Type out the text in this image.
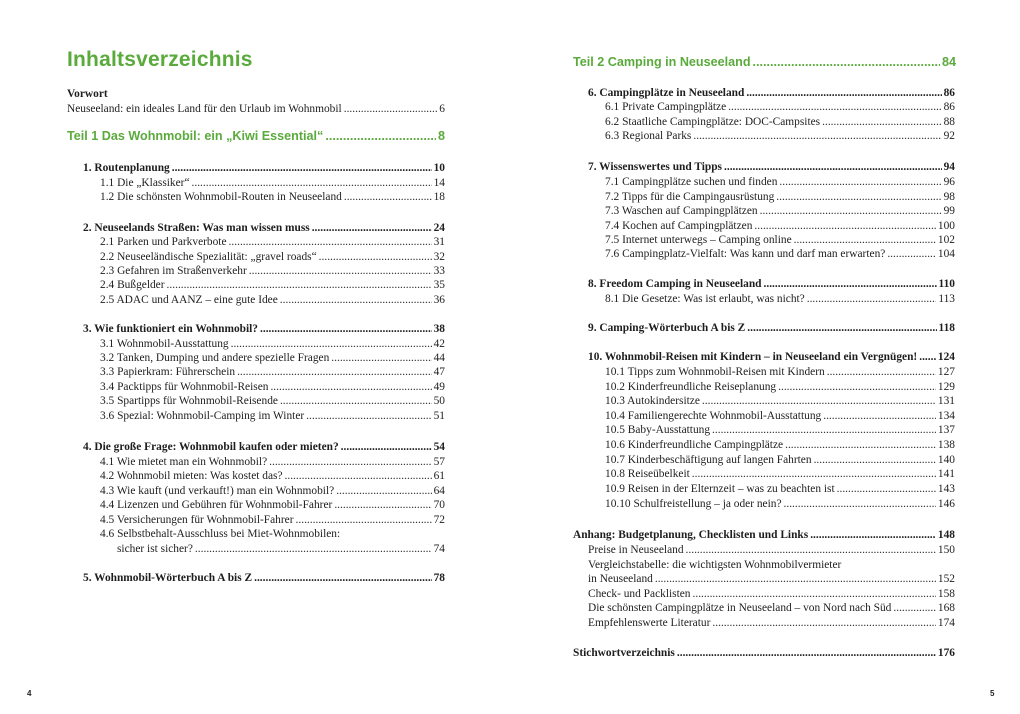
Inhaltsverzeichnis
Vorwort
Neuseeland: ein ideales Land für den Urlaub im Wohnmobil .....	6
Teil 1 Das Wohnmobil: ein „Kiwi Essential“ .....	8
1. Routenplanung .....	10
1.1 Die „Klassiker“ .....	14
1.2 Die schönsten Wohnmobil-Routen in Neuseeland .....	18
2. Neuseelands Straßen: Was man wissen muss .....	24
2.1 Parken und Parkverbote .....	31
2.2 Neuseeländische Spezialität: „gravel roads“ .....	32
2.3 Gefahren im Straßenverkehr .....	33
2.4 Bußgelder .....	35
2.5 ADAC und AANZ – eine gute Idee .....	36
3. Wie funktioniert ein Wohnmobil? .....	38
3.1 Wohnmobil-Ausstattung .....	42
3.2 Tanken, Dumping und andere spezielle Fragen .....	44
3.3 Papierkram: Führerschein .....	47
3.4 Packtipps für Wohnmobil-Reisen .....	49
3.5 Spartipps für Wohnmobil-Reisende .....	50
3.6 Spezial: Wohnmobil-Camping im Winter .....	51
4. Die große Frage: Wohnmobil kaufen oder mieten? .....	54
4.1 Wie mietet man ein Wohnmobil? .....	57
4.2 Wohnmobil mieten: Was kostet das? .....	61
4.3 Wie kauft (und verkauft!) man ein Wohnmobil? .....	64
4.4 Lizenzen und Gebühren für Wohnmobil-Fahrer .....	70
4.5 Versicherungen für Wohnmobil-Fahrer .....	72
4.6 Selbstbehalt-Ausschluss bei Miet-Wohnmobilen:
sicher ist sicher? .....	74
5. Wohnmobil-Wörterbuch A bis Z .....	78
4
Teil 2 Camping in Neuseeland .....	84
6. Campingplätze in Neuseeland .....	86
6.1 Private Campingplätze .....	86
6.2 Staatliche Campingplätze: DOC-Campsites .....	88
6.3 Regional Parks .....	92
7. Wissenswertes und Tipps .....	94
7.1 Campingplätze suchen und finden .....	96
7.2 Tipps für die Campingausrüstung .....	98
7.3 Waschen auf Campingplätzen .....	99
7.4 Kochen auf Campingplätzen .....	100
7.5 Internet unterwegs – Camping online .....	102
7.6 Campingplatz-Vielfalt: Was kann und darf man erwarten? .....	104
8. Freedom Camping in Neuseeland .....	110
8.1 Die Gesetze: Was ist erlaubt, was nicht? .....	113
9. Camping-Wörterbuch A bis Z .....	118
10. Wohnmobil-Reisen mit Kindern – in Neuseeland ein Vergnügen! ..... 124
10.1 Tipps zum Wohnmobil-Reisen mit Kindern .....	127
10.2 Kinderfreundliche Reiseplanung .....	129
10.3 Autokindersitze .....	131
10.4 Familiengerechte Wohnmobil-Ausstattung .....	134
10.5 Baby-Ausstattung .....	137
10.6 Kinderfreundliche Campingplätze .....	138
10.7 Kinderbeschäftigung auf langen Fahrten .....	140
10.8 Reiseübelkeit .....	141
10.9 Reisen in der Elternzeit – was zu beachten ist .....	143
10.10 Schulfreistellung – ja oder nein? .....	146
Anhang: Budgetplanung, Checklisten und Links .....	148
Preise in Neuseeland .....	150
Vergleichstabelle: die wichtigsten Wohnmobilvermieter
in Neuseeland .....	152
Check- und Packlisten .....	158
Die schönsten Campingplätze in Neuseeland – von Nord nach Süd .....	168
Empfehlenswerte Literatur .....	174
Stichwortverzeichnis .....	176
5
